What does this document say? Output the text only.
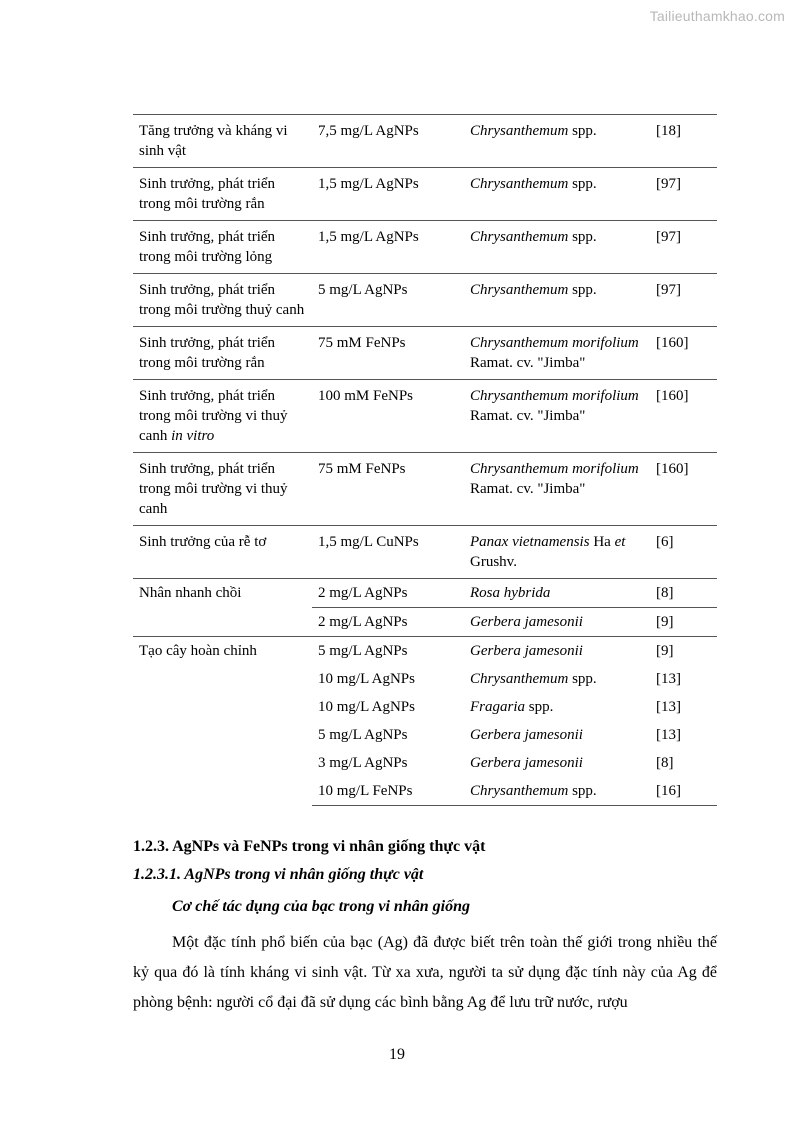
Tailieuthamkhao.com
Tăng trưởng và kháng vi sinh vật	7,5 mg/L AgNPs	Chrysanthemum spp.	[18]
Sinh trưởng, phát triển trong môi trường rắn	1,5 mg/L AgNPs	Chrysanthemum spp.	[97]
Sinh trưởng, phát triển trong môi trường lỏng	1,5 mg/L AgNPs	Chrysanthemum spp.	[97]
Sinh trưởng, phát triển trong môi trường thuỷ canh	5 mg/L AgNPs	Chrysanthemum spp.	[97]
Sinh trưởng, phát triển trong môi trường rắn	75 mM FeNPs	Chrysanthemum morifolium Ramat. cv. "Jimba"	[160]
Sinh trưởng, phát triển trong môi trường vi thuỷ canh in vitro	100 mM FeNPs	Chrysanthemum morifolium Ramat. cv. "Jimba"	[160]
Sinh trưởng, phát triển trong môi trường vi thuỷ canh	75 mM FeNPs	Chrysanthemum morifolium Ramat. cv. "Jimba"	[160]
Sinh trưởng của rễ tơ	1,5 mg/L CuNPs	Panax vietnamensis Ha et Grushv.	[6]
Nhân nhanh chồi	2 mg/L AgNPs	Rosa hybrida	[8]
	2 mg/L AgNPs	Gerbera jamesonii	[9]
Tạo cây hoàn chỉnh	5 mg/L AgNPs	Gerbera jamesonii	[9]
	10 mg/L AgNPs	Chrysanthemum spp.	[13]
	10 mg/L AgNPs	Fragaria spp.	[13]
	5 mg/L AgNPs	Gerbera jamesonii	[13]
	3 mg/L AgNPs	Gerbera jamesonii	[8]
	10 mg/L FeNPs	Chrysanthemum spp.	[16]
1.2.3. AgNPs và FeNPs trong vi nhân giống thực vật
1.2.3.1. AgNPs trong vi nhân giống thực vật
Cơ chế tác dụng của bạc trong vi nhân giống
Một đặc tính phổ biến của bạc (Ag) đã được biết trên toàn thế giới trong nhiều thế kỷ qua đó là tính kháng vi sinh vật. Từ xa xưa, người ta sử dụng đặc tính này của Ag để phòng bệnh: người cổ đại đã sử dụng các bình bằng Ag để lưu trữ nước, rượu
19
